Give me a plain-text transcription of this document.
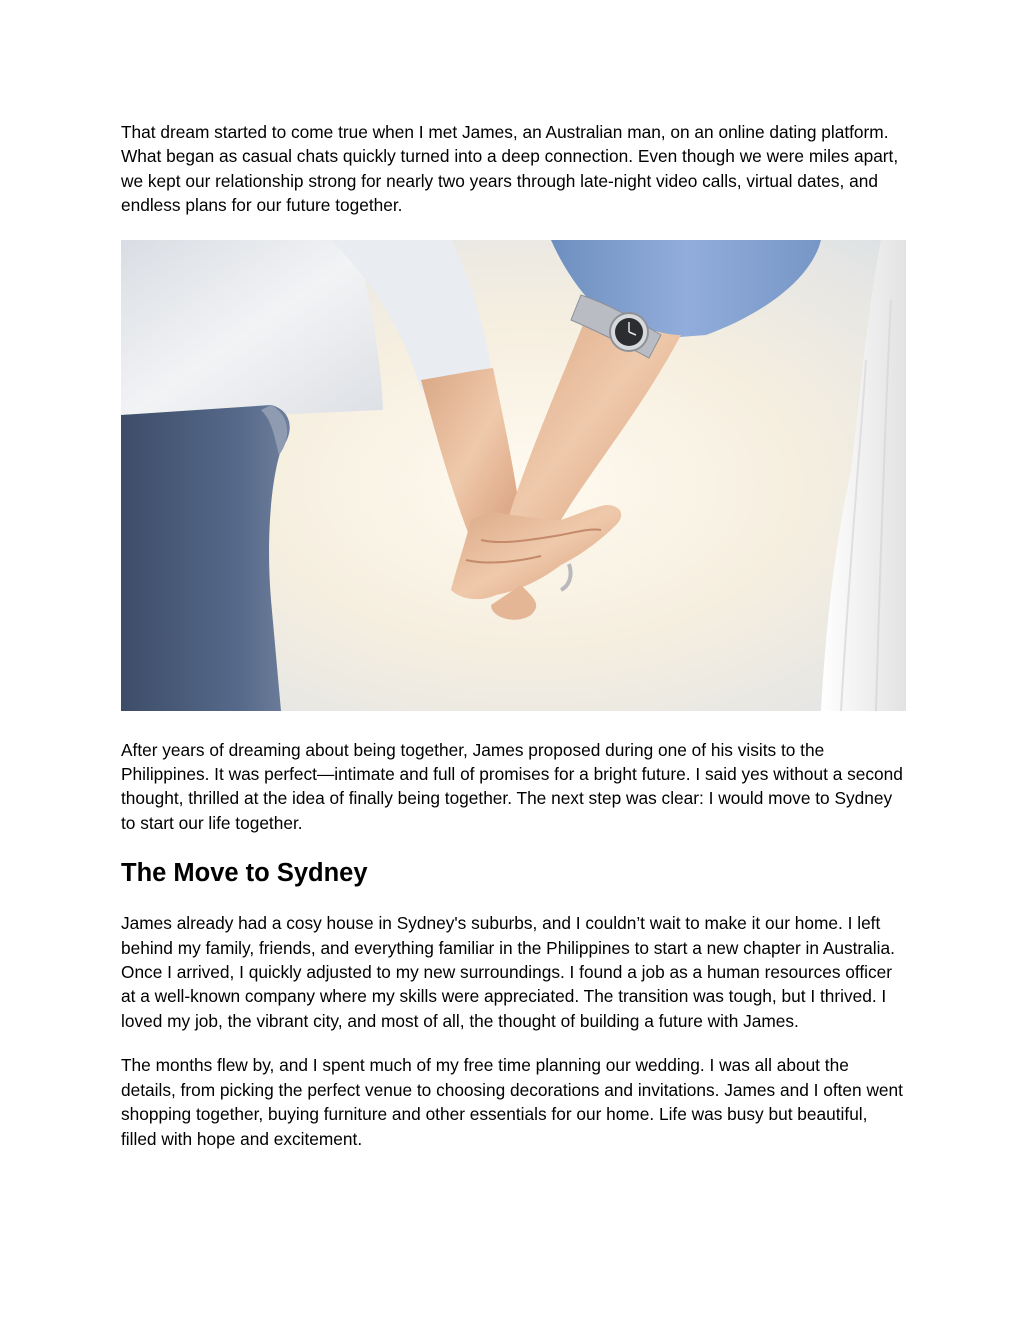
That dream started to come true when I met James, an Australian man, on an online dating platform. What began as casual chats quickly turned into a deep connection. Even though we were miles apart, we kept our relationship strong for nearly two years through late-night video calls, virtual dates, and endless plans for our future together.

After years of dreaming about being together, James proposed during one of his visits to the Philippines. It was perfect—intimate and full of promises for a bright future. I said yes without a second thought, thrilled at the idea of finally being together. The next step was clear: I would move to Sydney to start our life together.

The Move to Sydney

James already had a cosy house in Sydney's suburbs, and I couldn’t wait to make it our home. I left behind my family, friends, and everything familiar in the Philippines to start a new chapter in Australia. Once I arrived, I quickly adjusted to my new surroundings. I found a job as a human resources officer at a well-known company where my skills were appreciated. The transition was tough, but I thrived. I loved my job, the vibrant city, and most of all, the thought of building a future with James.

The months flew by, and I spent much of my free time planning our wedding. I was all about the details, from picking the perfect venue to choosing decorations and invitations. James and I often went shopping together, buying furniture and other essentials for our home. Life was busy but beautiful, filled with hope and excitement.
